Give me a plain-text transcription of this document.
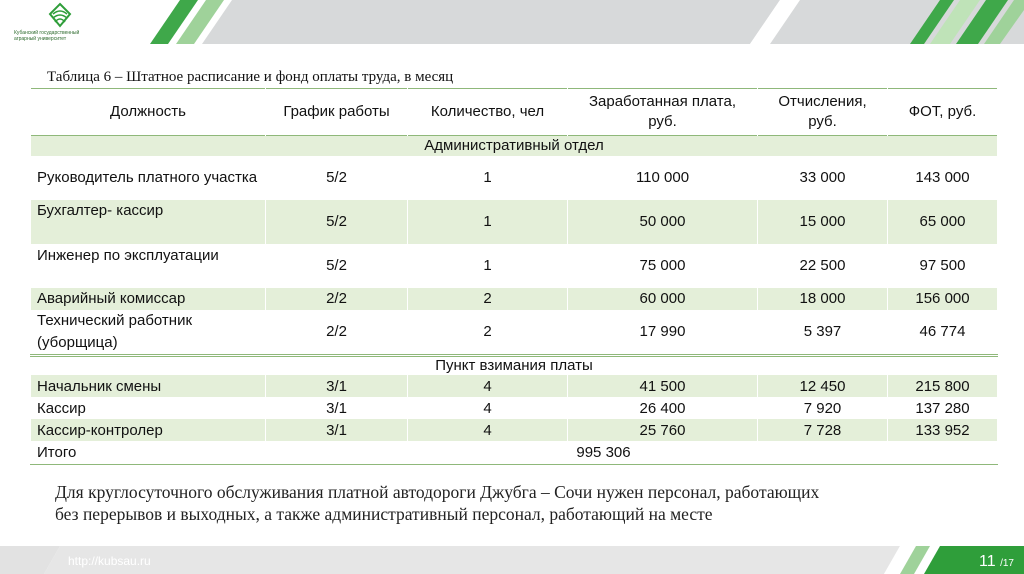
Кубанский государственный
аграрный университет
Таблица 6 – Штатное расписание и фонд оплаты труда, в месяц
Должность	График работы	Количество, чел	Заработанная плата, руб.	Отчисления, руб.	ФОТ, руб.
Административный отдел					
Руководитель платного участка	5/2	1	110 000	33 000	143 000
Бухгалтер- кассир	5/2	1	50 000	15 000	65 000
Инженер по эксплуатации	5/2	1	75 000	22 500	97 500
Аварийный комиссар	2/2	2	60 000	18 000	156 000
Технический работник (уборщица)	2/2	2	17 990	5 397	46 774
Пункт взимания платы					
Начальник смены	3/1	4	41 500	12 450	215 800
Кассир	3/1	4	26 400	7 920	137 280
Кассир-контролер	3/1	4	25 760	7 728	133 952
Итого	995 306				
Для круглосуточного обслуживания платной автодороги Джубга – Сочи нужен персонал, работающих
без перерывов и выходных, а также административный персонал, работающий на месте
http://kubsau.ru	11 /17
